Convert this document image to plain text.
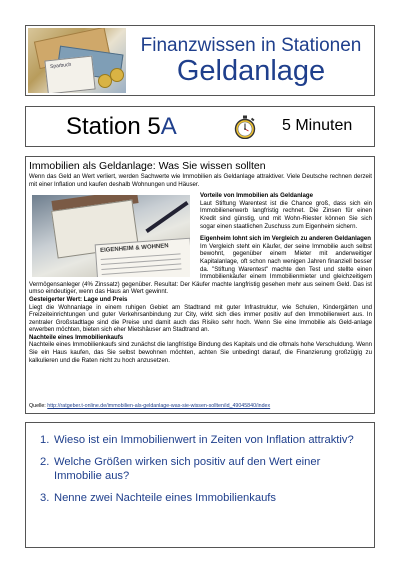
Sparbuch
Finanzwissen in Stationen
Geldanlage
Station 5A	5 Minuten
Immobilien als Geldanlage: Was Sie wissen sollten

Wenn das Geld an Wert verliert, werden Sachwerte wie Immobilien als Geldanlage attraktiver. Viele Deutsche rechnen derzeit mit einer Inflation und kaufen deshalb Wohnungen und Häuser.

EIGENHEIM & WOHNEN

Vorteile von Immobilien als Geldanlage

Laut Stiftung Warentest ist die Chance groß, dass sich ein Immobilienerwerb langfristig rechnet. Die Zinsen für einen Kredit sind günstig, und mit Wohn-Riester können Sie sich sogar einen staatlichen Zuschuss zum Eigenheim sichern.

Eigenheim lohnt sich im Vergleich zu anderen Geldanlagen

Im Vergleich steht ein Käufer, der seine Immobilie auch selbst bewohnt, gegenüber einem Mieter mit anderweitiger Kapitalanlage, oft schon nach wenigen Jahren finanziell besser da. "Stiftung Warentest" machte den Test und stellte einen Immobilienkäufer einem Immobilienmieter und gleichzeitigem Vermögensanleger (4% Zinssatz) gegenüber. Resultat: Der Käufer machte langfristig gesehen mehr aus seinem Geld. Das ist umso eindeutiger, wenn das Haus an Wert gewinnt.

Gesteigerter Wert: Lage und Preis

Liegt die Wohnanlage in einem ruhigen Gebiet am Stadtrand mit guter Infrastruktur, wie Schulen, Kindergärten und Freizeiteinrichtungen und guter Verkehrsanbindung zur City, wirkt sich dies immer positiv auf den Immobilienwert aus. In zentraler Großstadtlage sind die Preise und damit auch das Risiko sehr hoch. Wenn Sie eine Immobilie als Geld-anlage erwerben möchten, bieten sich eher Mietshäuser am Stadtrand an.

Nachteile eines Immobilienkaufs

Nachteile eines Immobilienkaufs sind zunächst die langfristige Bindung des Kapitals und die oftmals hohe Verschuldung. Wenn Sie ein Haus kaufen, das Sie selbst bewohnen möchten, achten Sie unbedingt darauf, die Finanzierung großzügig zu kalkulieren und die Raten nicht zu hoch anzusetzen.

Quelle: http://ratgeber.t-online.de/immobilien-als-geldanlage-was-sie-wissen-sollten/id_49045840/index
1. Wieso ist ein Immobilienwert in Zeiten von Inflation attraktiv?
2. Welche Größen wirken sich positiv auf den Wert einer Immobilie aus?
3. Nenne zwei Nachteile eines Immobilienkaufs
